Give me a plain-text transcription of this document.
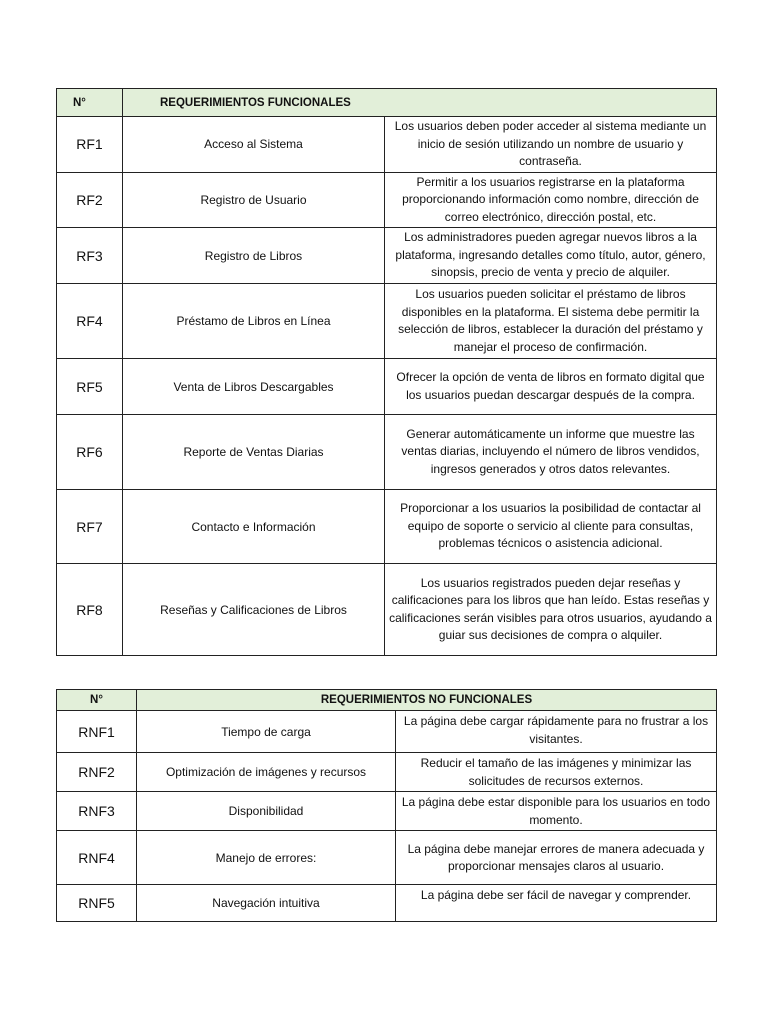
N°	REQUERIMIENTOS FUNCIONALES	
RF1	Acceso al Sistema	Los usuarios deben poder acceder al sistema mediante un inicio de sesión utilizando un nombre de usuario y contraseña.
RF2	Registro de Usuario	Permitir a los usuarios registrarse en la plataforma proporcionando información como nombre, dirección de correo electrónico, dirección postal, etc.
RF3	Registro de Libros	Los administradores pueden agregar nuevos libros a la plataforma, ingresando detalles como título, autor, género, sinopsis, precio de venta y precio de alquiler.
RF4	Préstamo de Libros en Línea	Los usuarios pueden solicitar el préstamo de libros disponibles en la plataforma. El sistema debe permitir la selección de libros, establecer la duración del préstamo y manejar el proceso de confirmación.
RF5	Venta de Libros Descargables	Ofrecer la opción de venta de libros en formato digital que los usuarios puedan descargar después de la compra.
RF6	Reporte de Ventas Diarias	Generar automáticamente un informe que muestre las ventas diarias, incluyendo el número de libros vendidos, ingresos generados y otros datos relevantes.
RF7	Contacto e Información	Proporcionar a los usuarios la posibilidad de contactar al equipo de soporte o servicio al cliente para consultas, problemas técnicos o asistencia adicional.
RF8	Reseñas y Calificaciones de Libros	Los usuarios registrados pueden dejar reseñas y calificaciones para los libros que han leído. Estas reseñas y calificaciones serán visibles para otros usuarios, ayudando a guiar sus decisiones de compra o alquiler.
N°	REQUERIMIENTOS NO FUNCIONALES	
RNF1	Tiempo de carga	La página debe cargar rápidamente para no frustrar a los visitantes.
RNF2	Optimización de imágenes y recursos	Reducir el tamaño de las imágenes y minimizar las solicitudes de recursos externos.
RNF3	Disponibilidad	La página debe estar disponible para los usuarios en todo momento.
RNF4	Manejo de errores:	La página debe manejar errores de manera adecuada y proporcionar mensajes claros al usuario.
RNF5	Navegación intuitiva	La página debe ser fácil de navegar y comprender.
